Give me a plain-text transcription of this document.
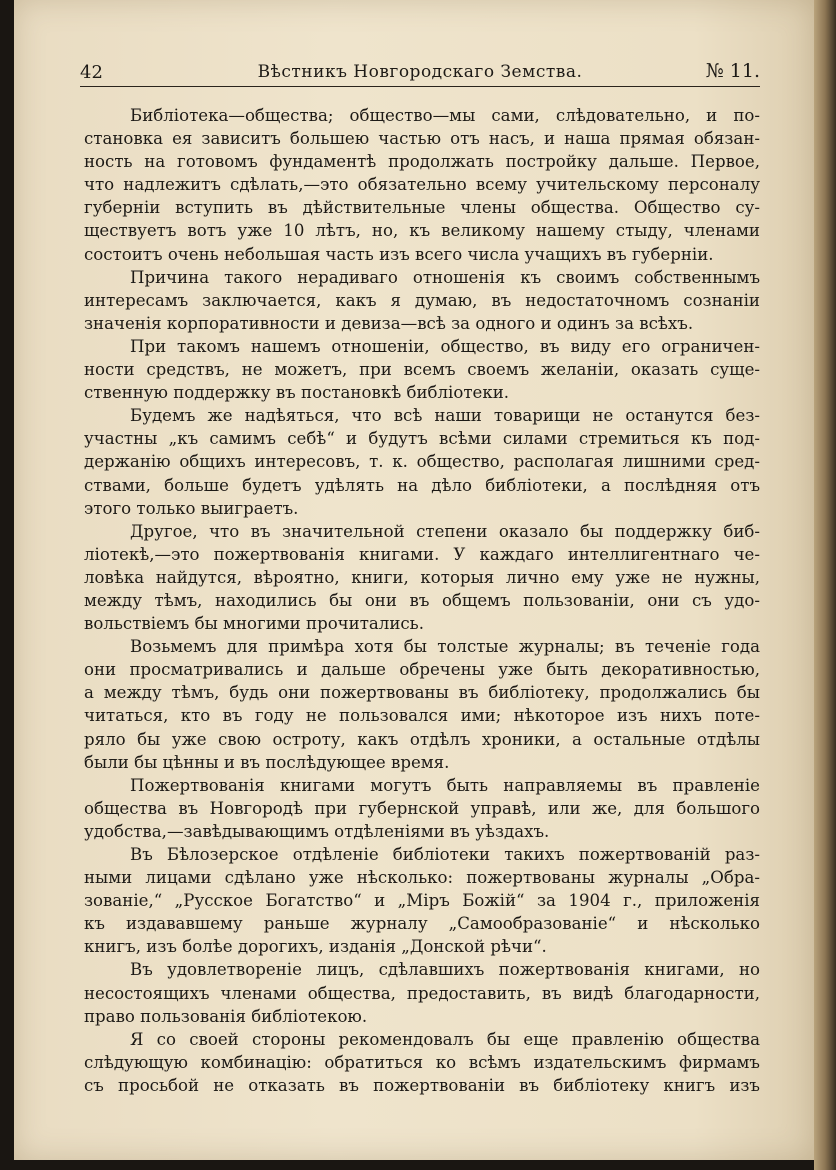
42	Вѣстникъ Новгородскаго Земства.	№ 11.
Библіотека—общества; общество—мы сами, слѣдовательно, и по-
становка ея зависитъ большею частью отъ насъ, и наша прямая обязан-
ность на готовомъ фундаментѣ продолжать постройку дальше. Первое,
что надлежитъ сдѣлать,—это обязательно всему учительскому персоналу
губерніи вступить въ дѣйствительные члены общества. Общество су-
ществуетъ вотъ уже 10 лѣтъ, но, къ великому нашему стыду, членами
состоитъ очень небольшая часть изъ всего числа учащихъ въ губерніи.
Причина такого нерадиваго отношенія къ своимъ собственнымъ
интересамъ заключается, какъ я думаю, въ недостаточномъ сознаніи
значенія корпоративности и девиза—всѣ за одного и одинъ за всѣхъ.
При такомъ нашемъ отношеніи, общество, въ виду его ограничен-
ности средствъ, не можетъ, при всемъ своемъ желаніи, оказать суще-
ственную поддержку въ постановкѣ библіотеки.
Будемъ же надѣяться, что всѣ наши товарищи не останутся без-
участны „къ самимъ себѣ“ и будутъ всѣми силами стремиться къ под-
держанію общихъ интересовъ, т. к. общество, располагая лишними сред-
ствами, больше будетъ удѣлять на дѣло библіотеки, а послѣдняя отъ
этого только выиграетъ.
Другое, что въ значительной степени оказало бы поддержку биб-
ліотекѣ,—это пожертвованія книгами. У каждаго интеллигентнаго че-
ловѣка найдутся, вѣроятно, книги, которыя лично ему уже не нужны,
между тѣмъ, находились бы они въ общемъ пользованіи, они съ удо-
вольствіемъ бы многими прочитались.
Возьмемъ для примѣра хотя бы толстые журналы; въ теченіе года
они просматривались и дальше обречены уже быть декоративностью,
а между тѣмъ, будь они пожертвованы въ библіотеку, продолжались бы
читаться, кто въ году не пользовался ими; нѣкоторое изъ нихъ поте-
ряло бы уже свою остроту, какъ отдѣлъ хроники, а остальные отдѣлы
были бы цѣнны и въ послѣдующее время.
Пожертвованія книгами могутъ быть направляемы въ правленіе
общества въ Новгородѣ при губернской управѣ, или же, для большого
удобства,—завѣдывающимъ отдѣленіями въ уѣздахъ.
Въ Бѣлозерское отдѣленіе библіотеки такихъ пожертвованій раз-
ными лицами сдѣлано уже нѣсколько: пожертвованы журналы „Обра-
зованіе,“ „Русское Богатство“ и „Міръ Божій“ за 1904 г., приложенія
къ издававшему раньше журналу „Самообразованіе“ и нѣсколько
книгъ, изъ болѣе дорогихъ, изданія „Донской рѣчи“.
Въ удовлетвореніе лицъ, сдѣлавшихъ пожертвованія книгами, но
несостоящихъ членами общества, предоставить, въ видѣ благодарности,
право пользованія библіотекою.
Я со своей стороны рекомендовалъ бы еще правленію общества
слѣдующую комбинацію: обратиться ко всѣмъ издательскимъ фирмамъ
съ просьбой не отказать въ пожертвованіи въ библіотеку книгъ изъ
